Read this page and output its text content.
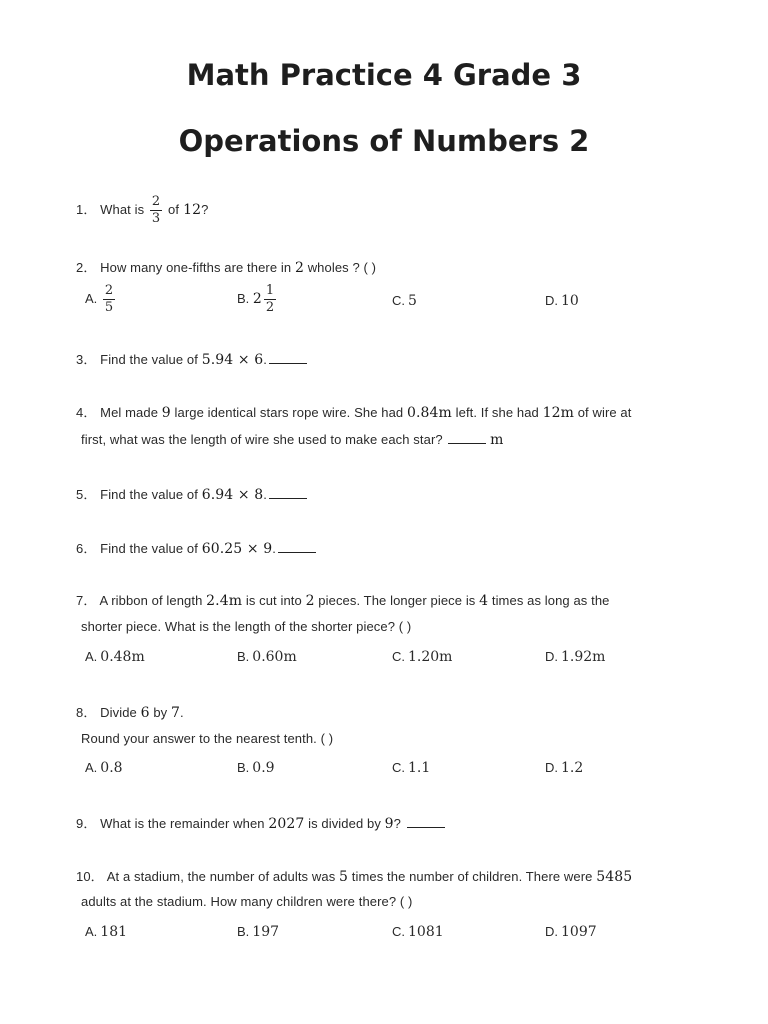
Math Practice 4 Grade 3
Operations of Numbers 2
1． What is $\frac{2}{3}$ of 12?
2． How many one-fifths are there in 2 wholes ? ( )
A. $\frac{2}{5}$	B. $2 \frac{1}{2}$	C. 5	D. 10
3． Find the value of 5.94 × 6.
4． Mel made 9 large identical stars rope wire. She had 0.84m left. If she had 12m of wire at
first, what was the length of wire she used to make each star?	m
5． Find the value of 6.94 × 8.
6． Find the value of 60.25 × 9.
7． A ribbon of length 2.4m is cut into 2 pieces. The longer piece is 4 times as long as the
shorter piece. What is the length of the shorter piece? ( )
A. 0.48m	B. 0.60m	C. 1.20m	D. 1.92m
8． Divide 6 by 7.
Round your answer to the nearest tenth. ( )
A. 0.8	B. 0.9	C. 1.1	D. 1.2
9． What is the remainder when 2027 is divided by 9?
10． At a stadium, the number of adults was 5 times the number of children. There were 5485
adults at the stadium. How many children were there? ( )
A. 181	B. 197	C. 1081	D. 1097
